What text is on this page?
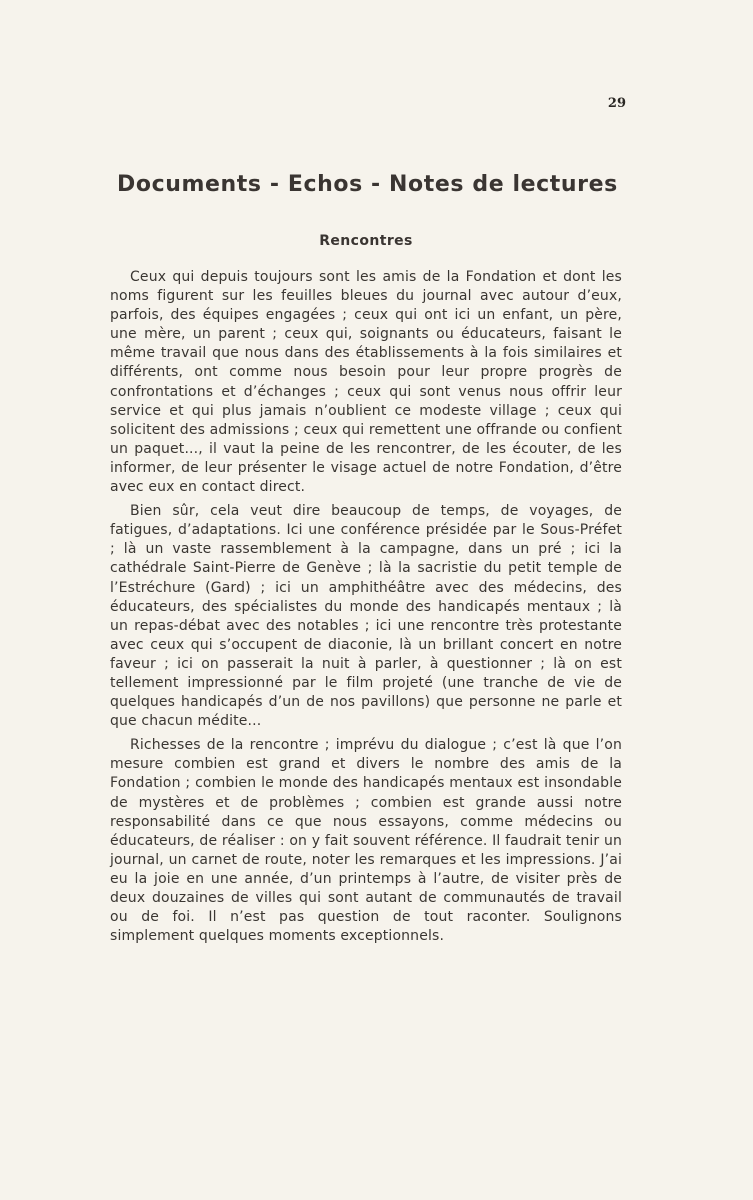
29
Documents - Echos - Notes de lectures
Rencontres

Ceux qui depuis toujours sont les amis de la Fondation et dont les noms figurent sur les feuilles bleues du journal avec autour d’eux, parfois, des équipes engagées ; ceux qui ont ici un enfant, un père, une mère, un parent ; ceux qui, soignants ou éducateurs, faisant le même travail que nous dans des établissements à la fois similaires et différents, ont comme nous besoin pour leur propre progrès de confrontations et d’échanges ; ceux qui sont venus nous offrir leur service et qui plus jamais n’oublient ce modeste village ; ceux qui solicitent des admissions ; ceux qui remettent une offrande ou confient un paquet..., il vaut la peine de les rencontrer, de les écouter, de les informer, de leur présenter le visage actuel de notre Fondation, d’être avec eux en contact direct.

Bien sûr, cela veut dire beaucoup de temps, de voyages, de fatigues, d’adaptations. Ici une conférence présidée par le Sous-Préfet ; là un vaste rassemblement à la campagne, dans un pré ; ici la cathédrale Saint-Pierre de Genève ; là la sacristie du petit temple de l’Estréchure (Gard) ; ici un amphithéâtre avec des médecins, des éducateurs, des spécialistes du monde des handicapés mentaux ; là un repas-débat avec des notables ; ici une rencontre très protestante avec ceux qui s’occupent de diaconie, là un brillant concert en notre faveur ; ici on passerait la nuit à parler, à questionner ; là on est tellement impressionné par le film projeté (une tranche de vie de quelques handicapés d’un de nos pavillons) que personne ne parle et que chacun médite...

Richesses de la rencontre ; imprévu du dialogue ; c’est là que l’on mesure combien est grand et divers le nombre des amis de la Fondation ; combien le monde des handicapés mentaux est insondable de mystères et de problèmes ; combien est grande aussi notre responsabilité dans ce que nous essayons, comme médecins ou éducateurs, de réaliser : on y fait souvent référence. Il faudrait tenir un journal, un carnet de route, noter les remarques et les impressions. J’ai eu la joie en une année, d’un printemps à l’autre, de visiter près de deux douzaines de villes qui sont autant de communautés de travail ou de foi. Il n’est pas question de tout raconter. Soulignons simplement quelques moments exceptionnels.
